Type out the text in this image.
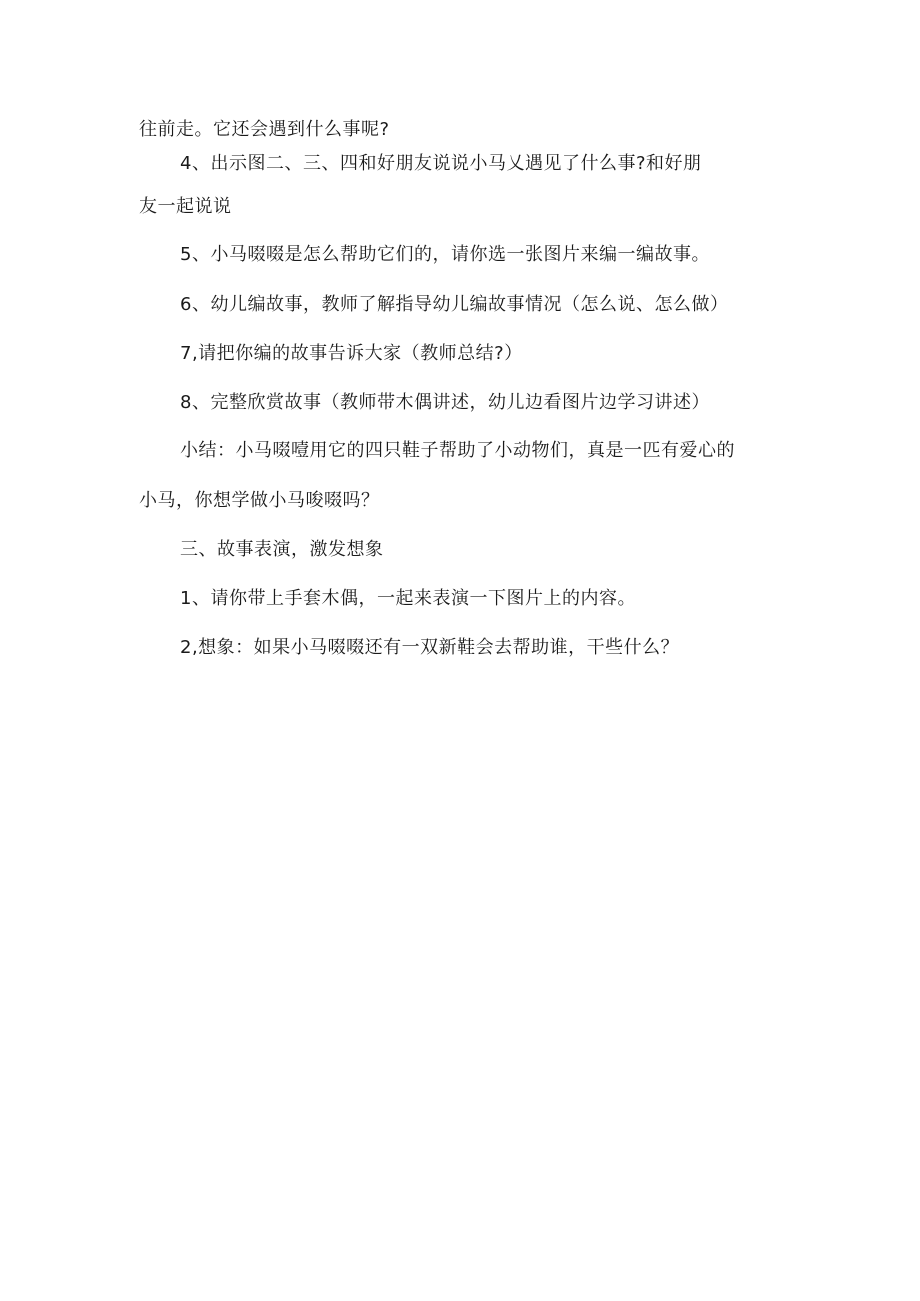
往前走。它还会遇到什么事呢?
4、出示图二、三、四和好朋友说说小马乂遇见了什么事?和好朋
友一起说说
5、小马啜啜是怎么帮助它们的，请你选一张图片来编一编故事。
6、幼儿编故事，教师了解指导幼儿编故事情况（怎么说、怎么做）
7,请把你编的故事告诉大家（教师总结?）
8、完整欣赏故事（教师带木偶讲述，幼儿边看图片边学习讲述）
小结：小马啜噎用它的四只鞋子帮助了小动物们，真是一匹有爱心的
小马，你想学做小马唆啜吗？
三、故事表演，激发想象
1、请你带上手套木偶，一起来表演一下图片上的内容。
2,想象：如果小马啜啜还有一双新鞋会去帮助谁，干些什么？
